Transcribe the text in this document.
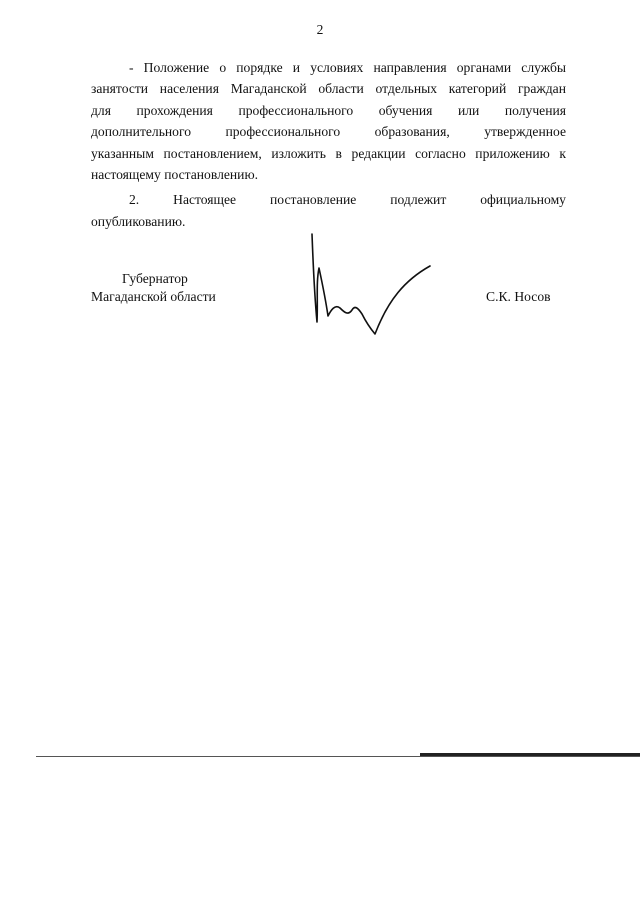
2
- Положение о порядке и условиях направления органами службы
занятости населения Магаданской области отдельных категорий граждан
для прохождения профессионального обучения или получения
дополнительного профессионального образования, утвержденное
указанным постановлением, изложить в редакции согласно приложению к
настоящему постановлению.
2. Настоящее постановление подлежит официальному
опубликованию.
Губернатор
Магаданской области	С.К. Носов
